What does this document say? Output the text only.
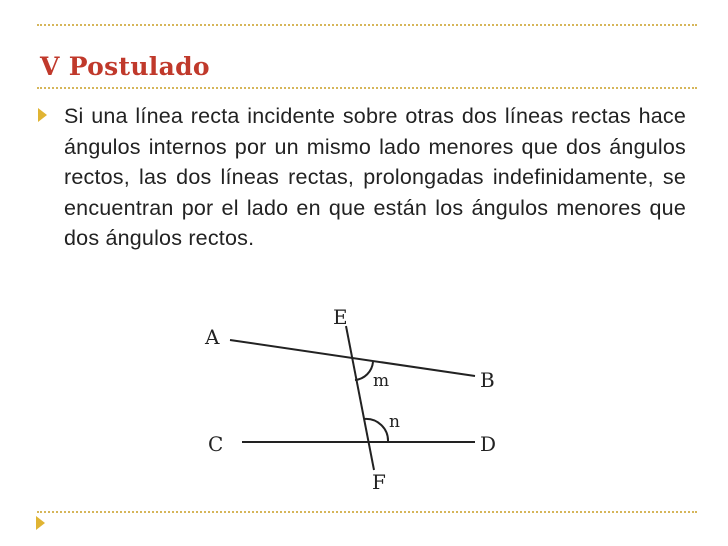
V Postulado
Si una línea recta incidente sobre otras dos líneas rectas hace ángulos internos por un mismo lado menores que dos ángulos rectos, las dos líneas rectas, prolongadas indefinidamente, se encuentran por el lado en que están los ángulos menores que dos ángulos rectos.
A
B
C	D
E
F
m
n
